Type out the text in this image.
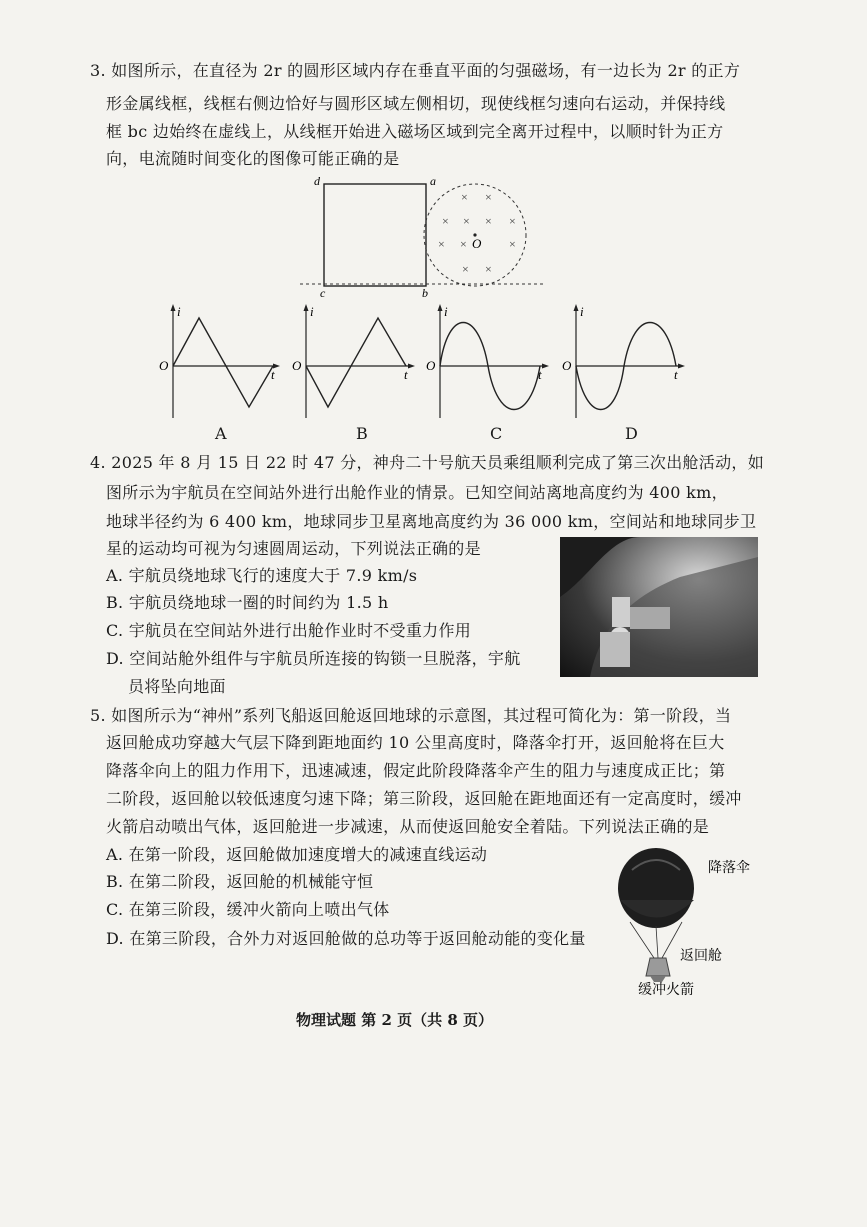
3. 如图所示，在直径为 2r 的圆形区域内存在垂直平面的匀强磁场，有一边长为 2r 的正方
形金属线框，线框右侧边恰好与圆形区域左侧相切，现使线框匀速向右运动，并保持线
框 bc 边始终在虚线上，从线框开始进入磁场区域到完全离开过程中，以顺时针为正方
向，电流随时间变化的图像可能正确的是
d	a
c	b
O
× ×
× × × ×
× ×	×
× ×
i
t
O
A
i
t
O
B
i
t
O
C
i
t
O
D
4. 2025 年 8 月 15 日 22 时 47 分，神舟二十号航天员乘组顺利完成了第三次出舱活动，如
图所示为宇航员在空间站外进行出舱作业的情景。已知空间站离地高度约为 400 km，
地球半径约为 6 400 km，地球同步卫星离地高度约为 36 000 km，空间站和地球同步卫
星的运动均可视为匀速圆周运动，下列说法正确的是
A. 宇航员绕地球飞行的速度大于 7.9 km/s
B. 宇航员绕地球一圈的时间约为 1.5 h
C. 宇航员在空间站外进行出舱作业时不受重力作用
D. 空间站舱外组件与宇航员所连接的钩锁一旦脱落，宇航
员将坠向地面
5. 如图所示为“神州”系列飞船返回舱返回地球的示意图，其过程可简化为：第一阶段，当
返回舱成功穿越大气层下降到距地面约 10 公里高度时，降落伞打开，返回舱将在巨大
降落伞向上的阻力作用下，迅速减速，假定此阶段降落伞产生的阻力与速度成正比；第
二阶段，返回舱以较低速度匀速下降；第三阶段，返回舱在距地面还有一定高度时，缓冲
火箭启动喷出气体，返回舱进一步减速，从而使返回舱安全着陆。下列说法正确的是
A. 在第一阶段，返回舱做加速度增大的减速直线运动
B. 在第二阶段，返回舱的机械能守恒
C. 在第三阶段，缓冲火箭向上喷出气体
D. 在第三阶段，合外力对返回舱做的总功等于返回舱动能的变化量
降落伞
返回舱
缓冲火箭
物理试题 第 2 页（共 8 页）
